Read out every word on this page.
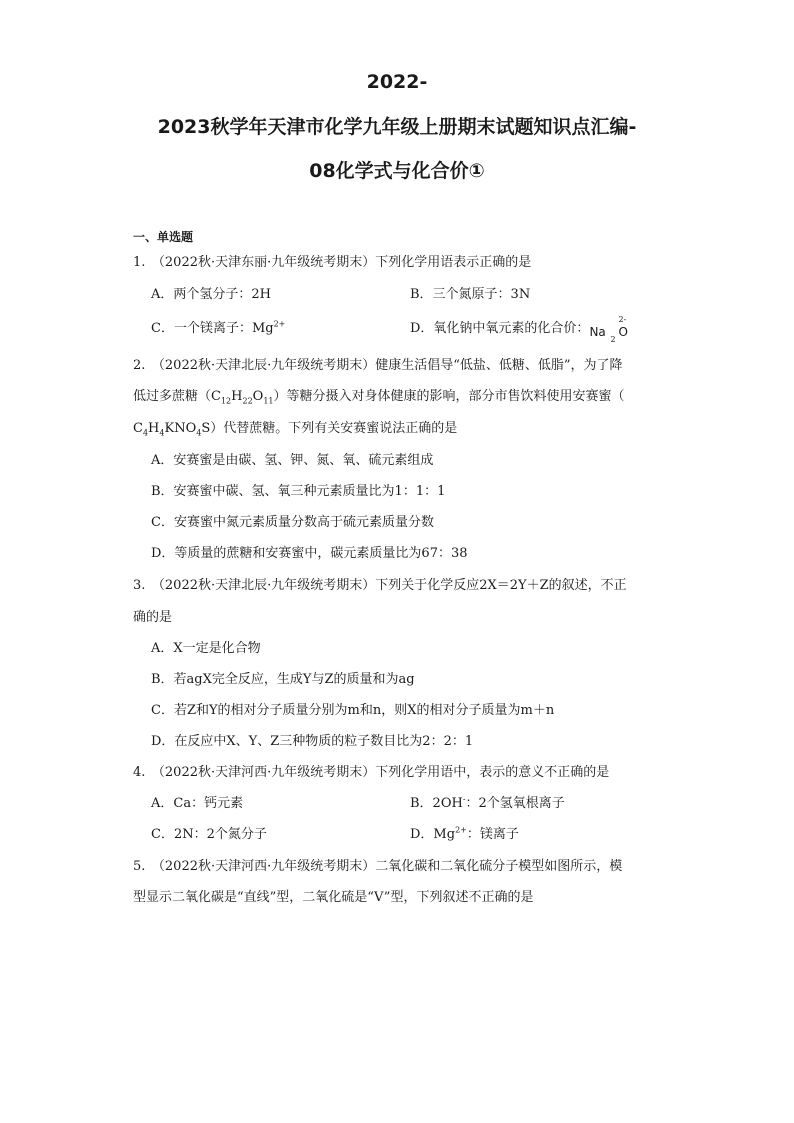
2022-
2023秋学年天津市化学九年级上册期末试题知识点汇编-
08化学式与化合价①
一、单选题
1.　（2022秋·天津东丽·九年级统考期末）下列化学用语表示正确的是
A．两个氢分子：2H	B．三个氮原子：3N
C．一个镁离子：$Mg^{2+}$	D．氧化钠中氧元素的化合价： Na
2
2-
O
2.　（2022秋·天津北辰·九年级统考期末）健康生活倡导“低盐、低糖、低脂”，为了降
低过多蔗糖$(C_{12}H_{22}O_{11})$等糖分摄入对身体健康的影响，部分市售饮料使用安赛蜜（
$C_4H_4KNO_4S$）代替蔗糖。下列有关安赛蜜说法正确的是
A．安赛蜜是由碳、氢、钾、氮、氧、硫元素组成
B．安赛蜜中碳、氢、氧三种元素质量比为1：1：1
C．安赛蜜中氮元素质量分数高于硫元素质量分数
D．等质量的蔗糖和安赛蜜中，碳元素质量比为67：38
3.　（2022秋·天津北辰·九年级统考期末）下列关于化学反应2X＝2Y＋Z的叙述，不正
确的是
A．X一定是化合物
B．若agX完全反应，生成Y与Z的质量和为ag
C．若Z和Y的相对分子质量分别为m和n，则X的相对分子质量为m＋n
D．在反应中X、Y、Z三种物质的粒子数目比为2：2：1
4.　（2022秋·天津河西·九年级统考期末）下列化学用语中，表示的意义不正确的是
A．Ca：钙元素	B．2OH-：2个氢氧根离子
C．2N：2个氮分子	D．$Mg^{2+}$：镁离子
5.　（2022秋·天津河西·九年级统考期末）二氧化碳和二氧化硫分子模型如图所示，模
型显示二氧化碳是“直线”型，二氧化硫是“V”型，下列叙述不正确的是
